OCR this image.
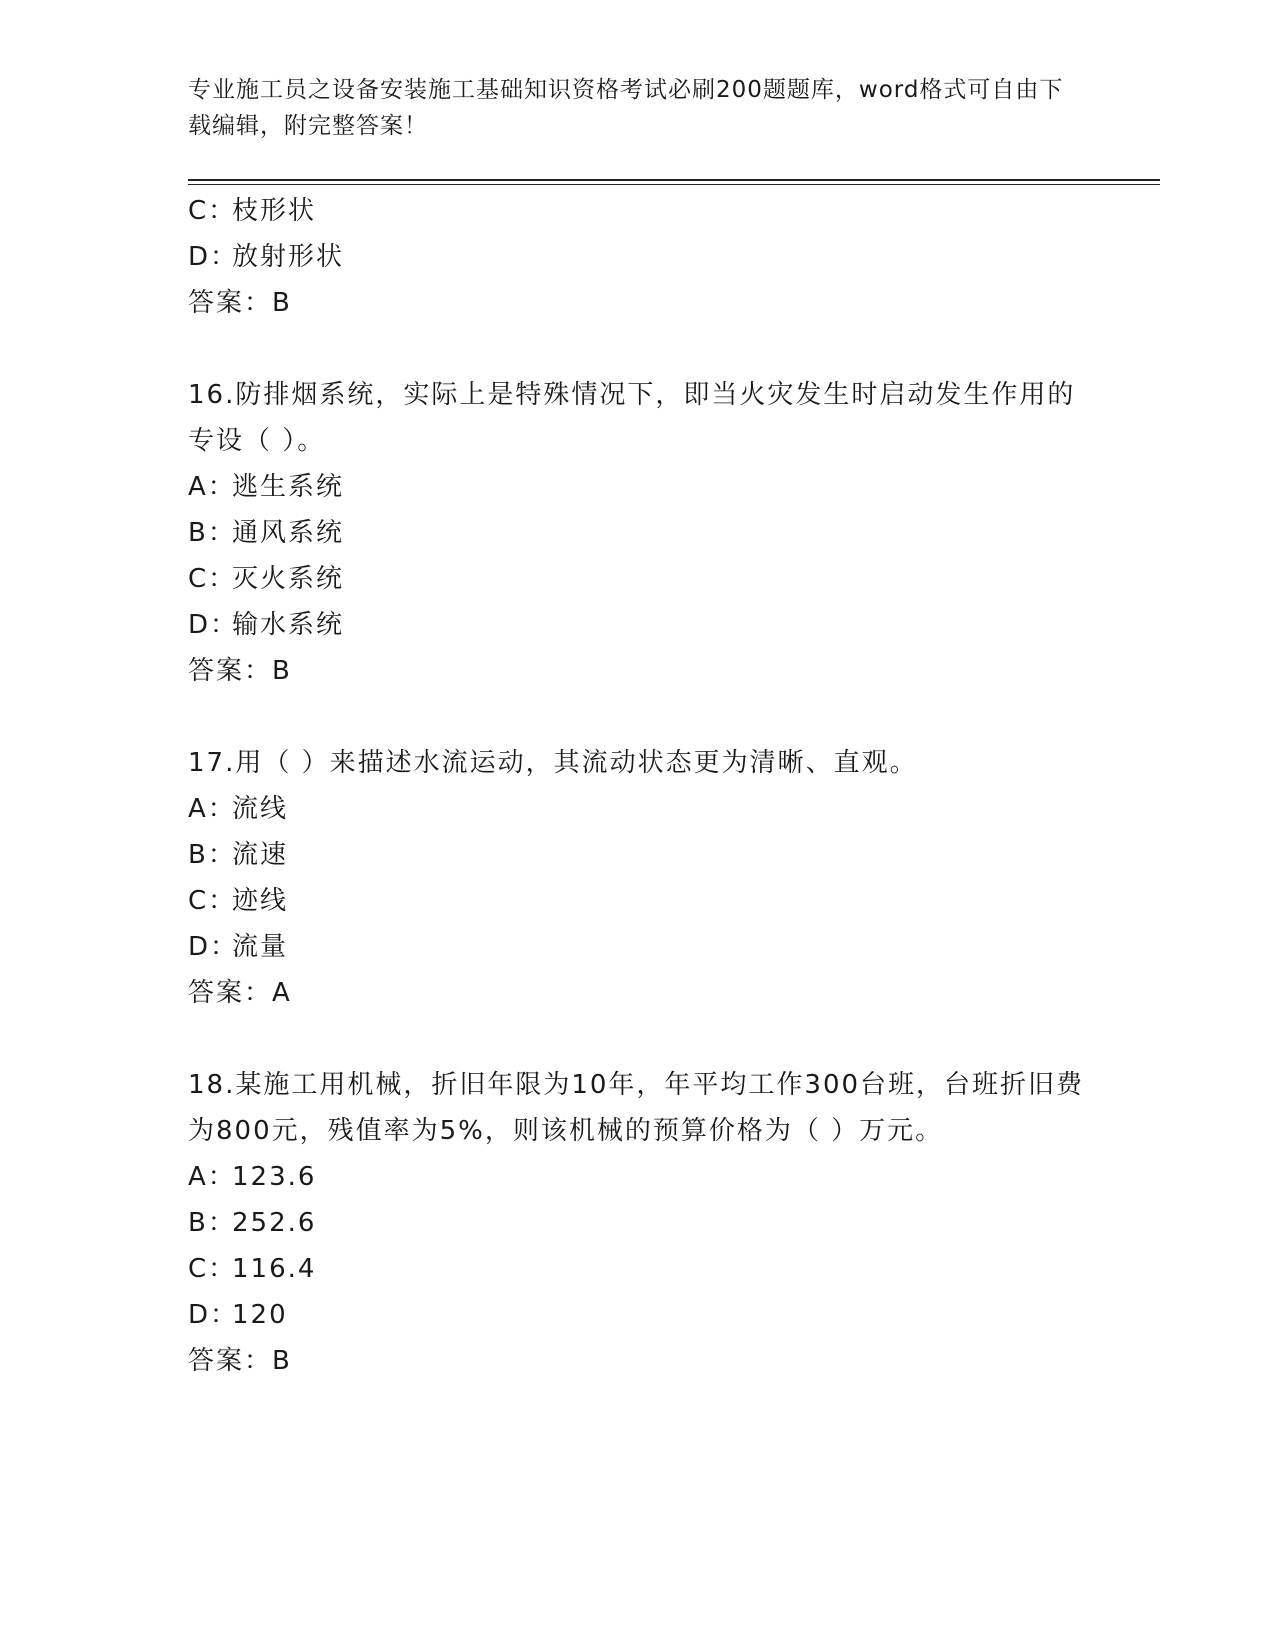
专业施工员之设备安装施工基础知识资格考试必刷200题题库，word格式可自由下载编辑，附完整答案！
C：枝形状
D：放射形状
答案：B
16.防排烟系统，实际上是特殊情况下，即当火灾发生时启动发生作用的专设（ ）。
A：逃生系统
B：通风系统
C：灭火系统
D：输水系统
答案：B
17.用（ ）来描述水流运动，其流动状态更为清晰、直观。
A：流线
B：流速
C：迹线
D：流量
答案：A
18.某施工用机械，折旧年限为10年，年平均工作300台班，台班折旧费为800元，残值率为5%，则该机械的预算价格为（ ）万元。
A：123.6
B：252.6
C：116.4
D：120
答案：B
